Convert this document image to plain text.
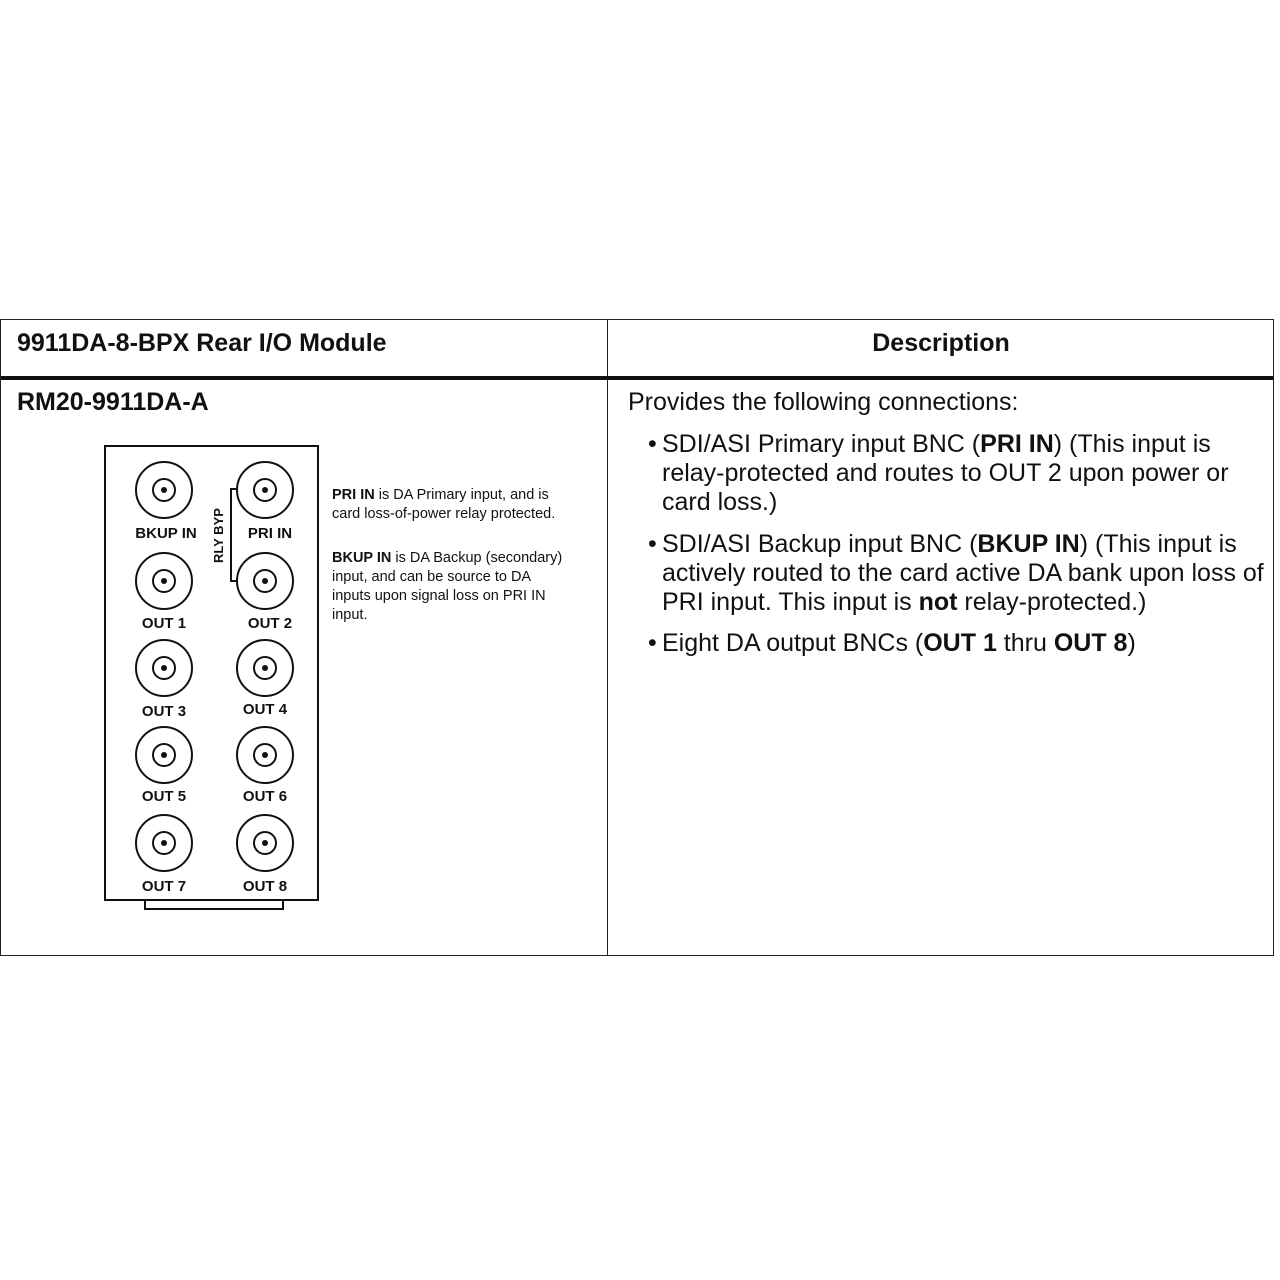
9911DA-8-BPX Rear I/O Module	Description
RM20-9911DA-A
BKUP IN	PRI IN
OUT 1	OUT 2
OUT 3	OUT 4
OUT 5	OUT 6
OUT 7	OUT 8
RLY BYP
PRI IN is DA Primary input, and is card loss-of-power relay protected.
BKUP IN is DA Backup (secondary) input, and can be source to DA inputs upon signal loss on PRI IN input.
Provides the following connections:
• SDI/ASI Primary input BNC (PRI IN) (This input is relay-protected and routes to OUT 2 upon power or card loss.)
• SDI/ASI Backup input BNC (BKUP IN) (This input is actively routed to the card active DA bank upon loss of PRI input. This input is not relay-protected.)
• Eight DA output BNCs (OUT 1 thru OUT 8)
